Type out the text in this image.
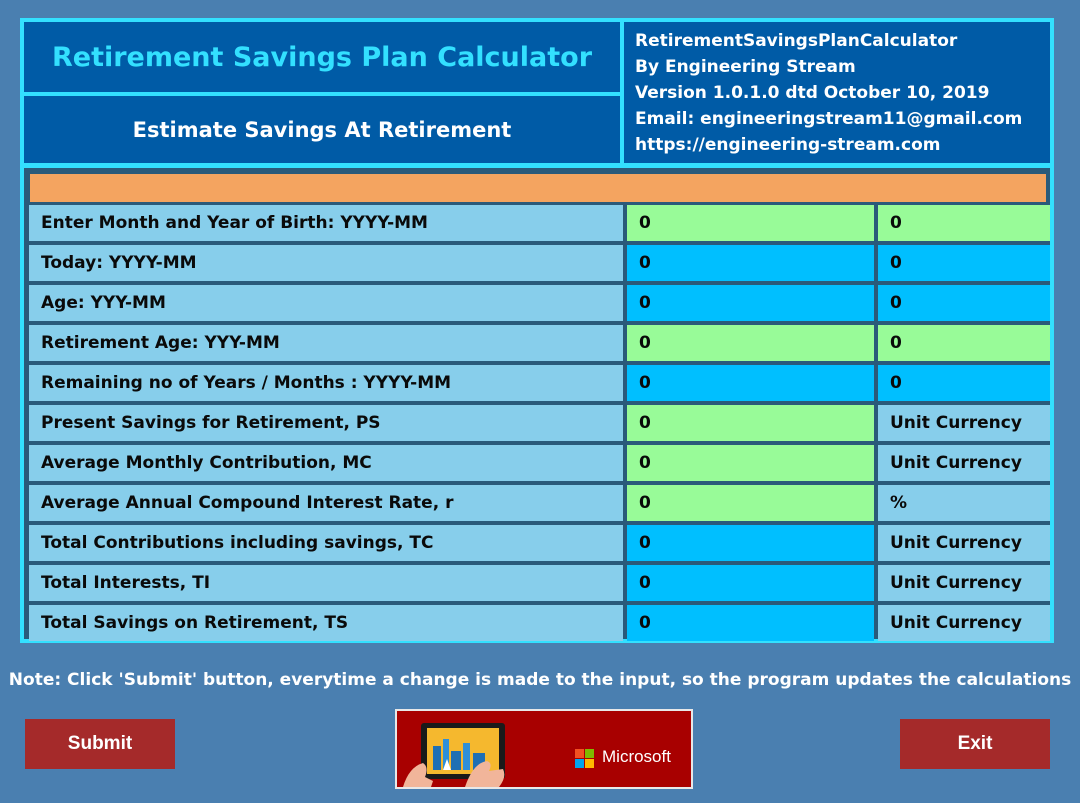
Retirement Savings Plan Calculator
Estimate Savings At Retirement
RetirementSavingsPlanCalculator
By Engineering Stream
Version 1.0.1.0 dtd October 10, 2019
Email: engineeringstream11@gmail.com
https://engineering-stream.com
Enter Month and Year of Birth: YYYY-MM	0	0
Today: YYYY-MM	0	0
Age: YYY-MM	0	0
Retirement Age: YYY-MM	0	0
Remaining no of Years / Months : YYYY-MM	0	0
Present Savings for Retirement, PS	0	Unit Currency
Average Monthly Contribution, MC	0	Unit Currency
Average Annual Compound Interest Rate, r	0	%
Total Contributions including savings, TC	0	Unit Currency
Total Interests, TI	0	Unit Currency
Total Savings on Retirement, TS	0	Unit Currency
Note: Click 'Submit' button, everytime a change is made to the input, so the program updates the calculations
Submit	Exit
Microsoft
